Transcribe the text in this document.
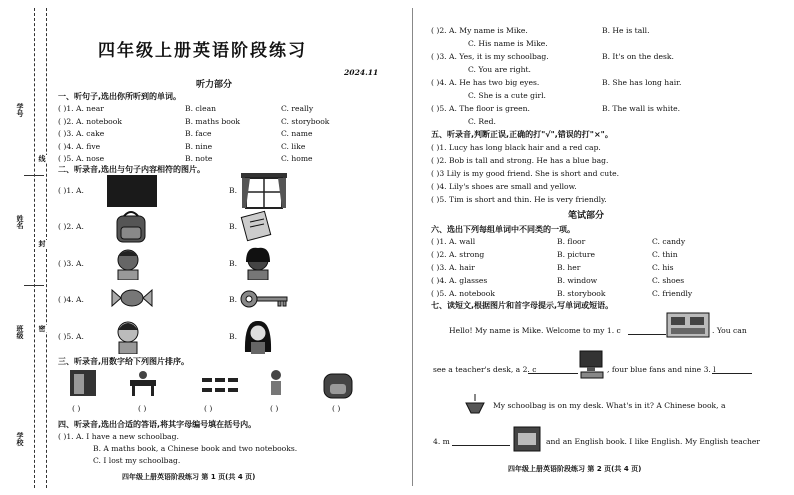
学号
姓名
班级
学校
线
封
密
四年级上册英语阶段练习
2024.11
听力部分
一、听句子,选出你所听到的单词。
( )1. A. near	B. clean	C. really
( )2. A. notebook	B. maths book	C. storybook
( )3. A. cake	B. face	C. name
( )4. A. five	B. nine	C. like
( )5. A. nose	B. note	C. home
二、听录音,选出与句子内容相符的图片。
( )1. A.	B.
( )2. A.	B.
( )3. A.	B.
( )4. A.	B.
( )5. A.	B.
三、听录音,用数字给下列图片排序。
( )	( )	( )	( )	( )
四、听录音,选出合适的答语,将其字母编号填在括号内。
( )1. A. I have a new schoolbag.
B. A maths book, a Chinese book and two notebooks.
C. I lost my schoolbag.
四年级上册英语阶段练习 第 1 页(共 4 页)
( )2. A. My name is Mike.	B. He is tall.
C. His name is Mike.
( )3. A. Yes, it is my schoolbag.	B. It's on the desk.
C. You are right.
( )4. A. He has two big eyes.	B. She has long hair.
C. She is a cute girl.
( )5. A. The floor is green.	B. The wall is white.
C. Red.
五、听录音,判断正误,正确的打"√",错误的打"×"。
( )1. Lucy has long black hair and a red cap.
( )2. Bob is tall and strong. He has a blue bag.
( )3 Lily is my good friend. She is short and cute.
( )4. Lily's shoes are small and yellow.
( )5. Tim is short and thin. He is very friendly.
笔试部分
六、选出下列每组单词中不同类的一项。
( )1. A. wall	B. floor	C. candy
( )2. A. strong	B. picture	C. thin
( )3. A. hair	B. her	C. his
( )4. A. glasses	B. window	C. shoes
( )5. A. notebook	B. storybook	C. friendly
七、读短文,根据图片和首字母提示,写单词或短语。
Hello! My name is Mike. Welcome to my 1. c	. You can
see a teacher's desk, a 2. c	, four blue fans and nine 3. l
My schoolbag is on my desk. What's in it? A Chinese book, a
4. m	and an English book. I like English. My English teacher
四年级上册英语阶段练习 第 2 页(共 4 页)
